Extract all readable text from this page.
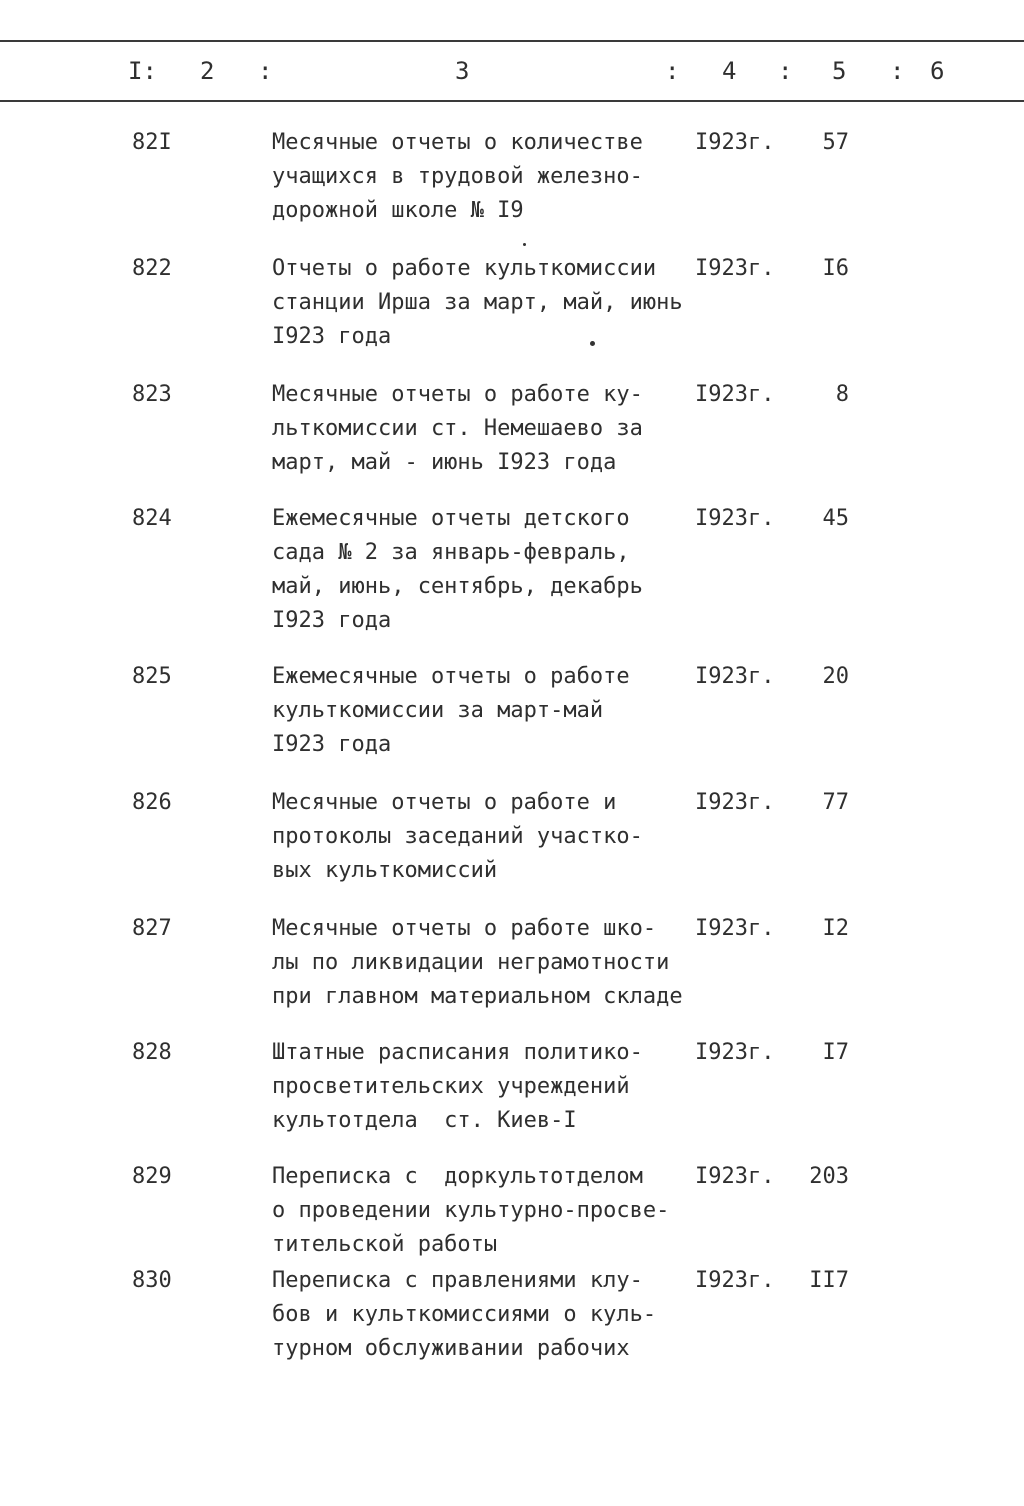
I: 2 :	3	: 4 : 5 : 6
82I	Месячные отчеты о количестве
учащихся в трудовой железно-
дорожной школе № I9
I923г. 57
822	Отчеты о работе культкомиссии
станции Ирша за март, май, июнь
I923 года
I923г. I6
823	Месячные отчеты о работе ку-
льткомиссии ст. Немешаево за
март, май - июнь I923 года
I923г.	8
824	Ежемесячные отчеты детского
сада № 2 за январь-февраль,
май, июнь, сентябрь, декабрь
I923 года
I923г. 45
825	Ежемесячные отчеты о работе
культкомиссии за март-май
I923 года
I923г. 20
826	Месячные отчеты о работе и
протоколы заседаний участко-
вых культкомиссий
I923г. 77
827	Месячные отчеты о работе шко-
лы по ликвидации неграмотности
при главном материальном складе
I923г. I2
828	Штатные расписания политико-
просветительских учреждений
культотдела  ст. Киев-I
I923г. I7
829	Переписка с  доркультотделом
о проведении культурно-просве-
тительской работы
I923г. 203
830	Переписка с правлениями клу-
бов и культкомиссиями о куль-
турном обслуживании рабочих
I923г. II7
